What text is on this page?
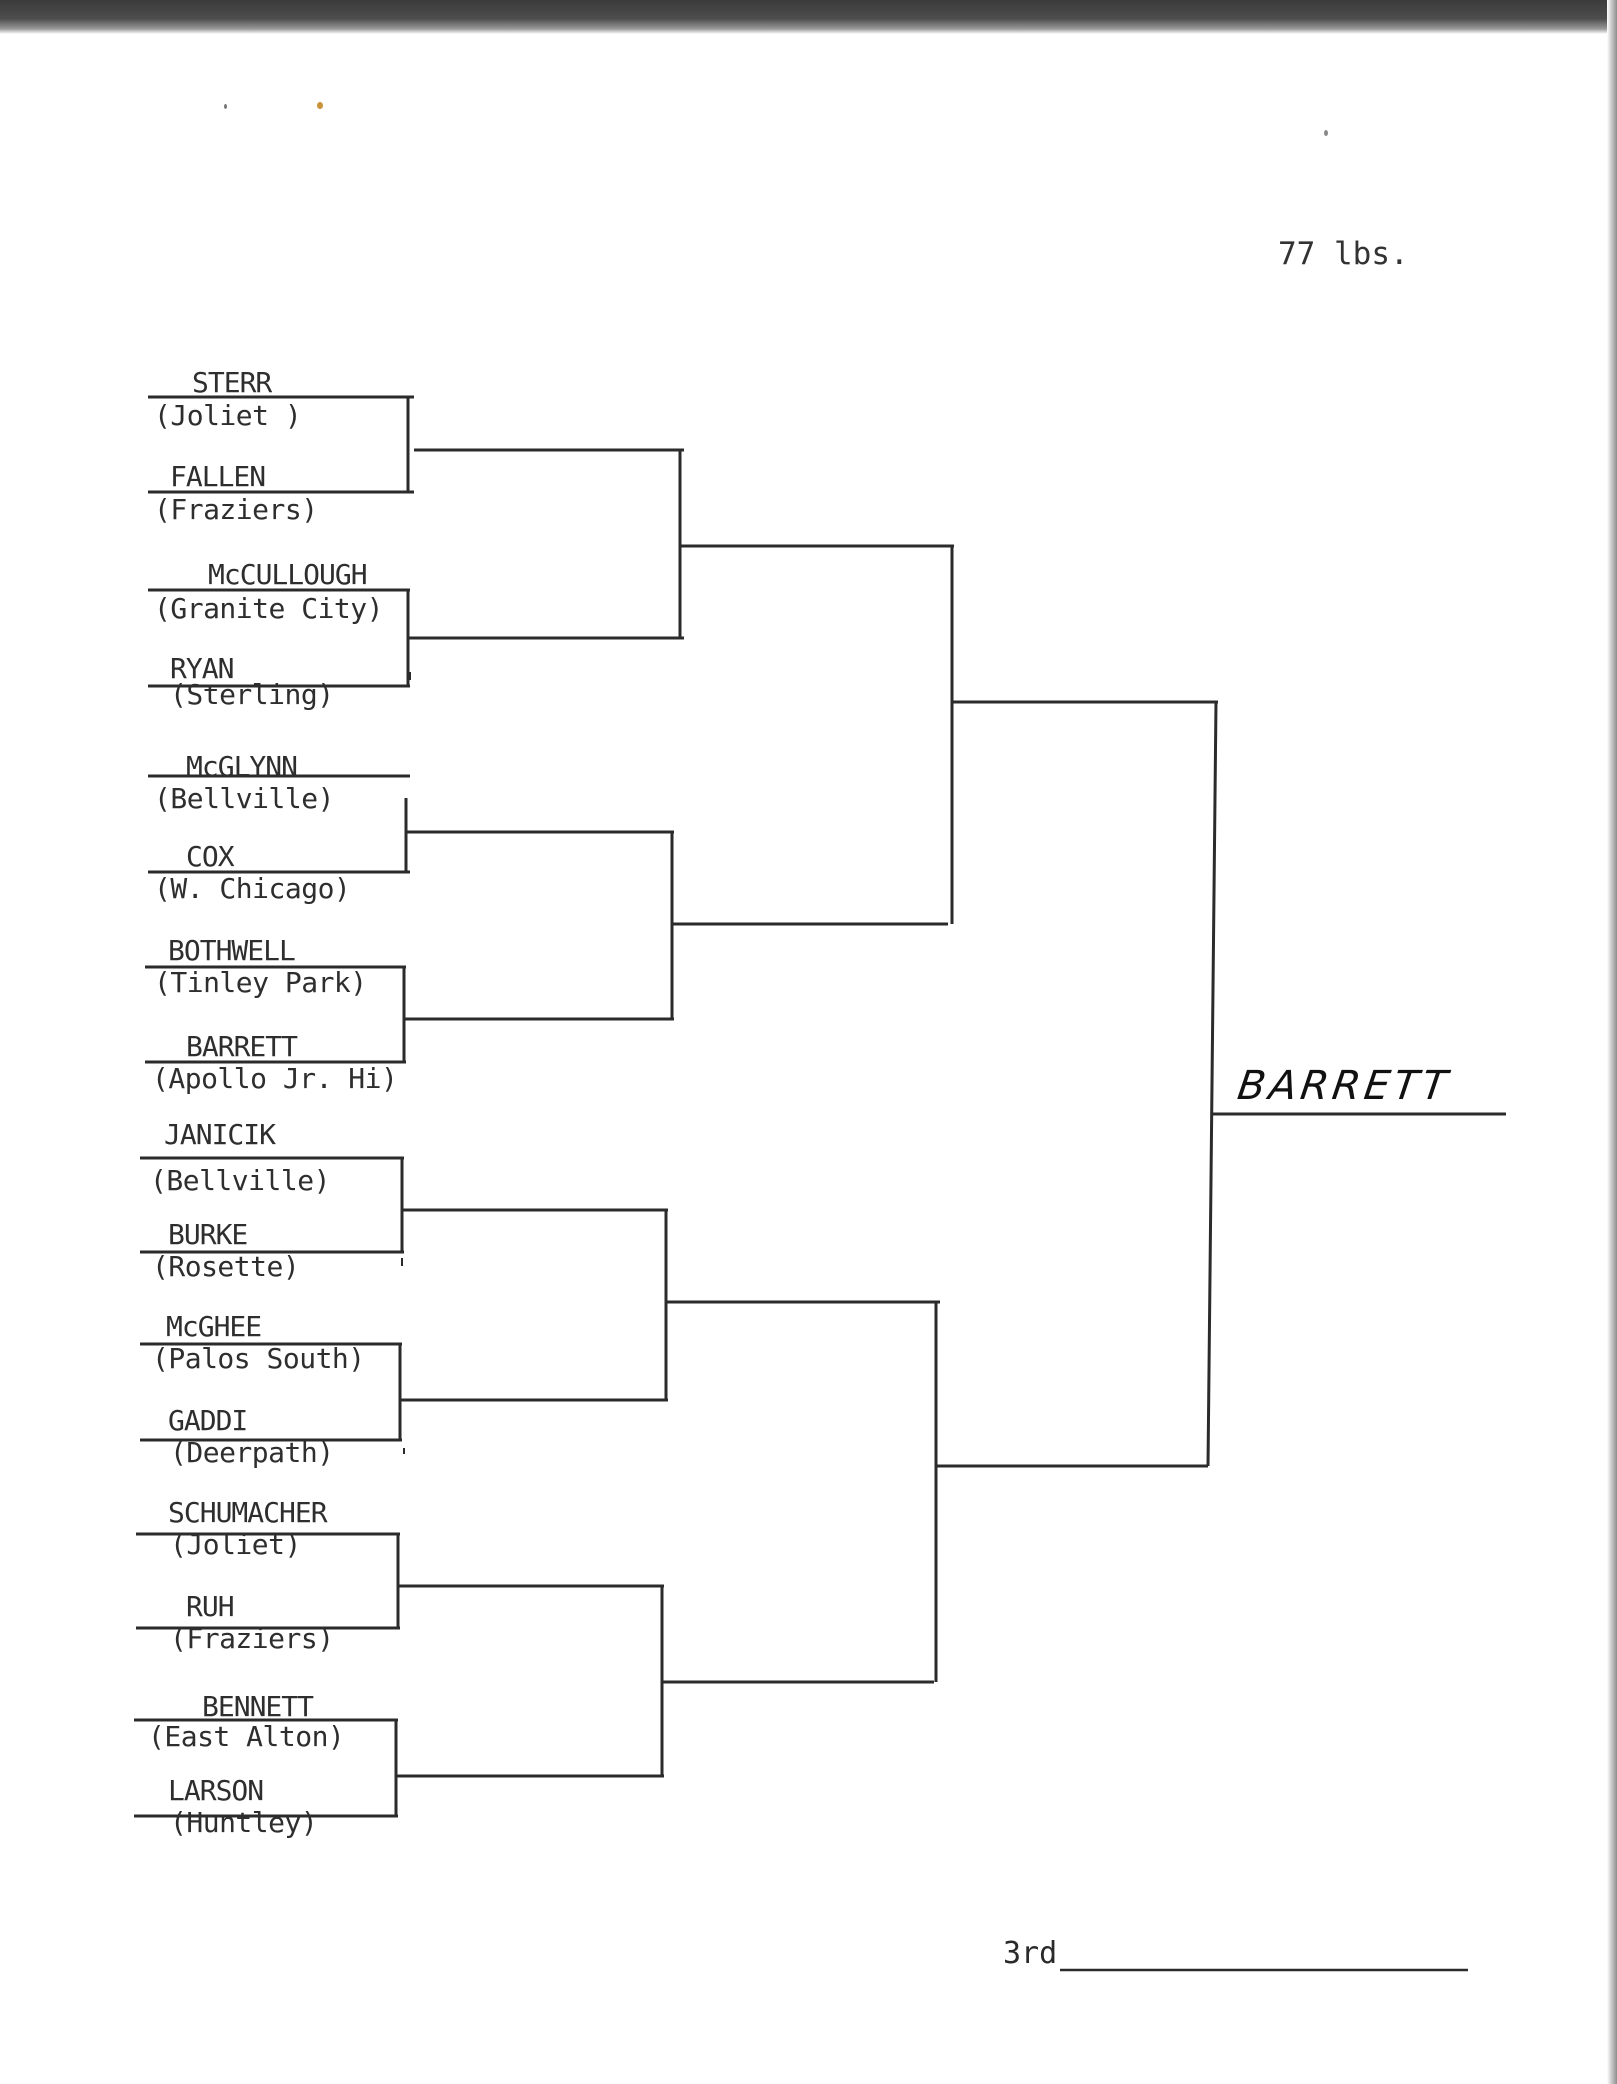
77 lbs.
STERR
(Joliet )
FALLEN
(Fraziers)
McCULLOUGH
(Granite City)
RYAN
(Sterling)
McGLYNN
(Bellville)
COX
(W. Chicago)
BOTHWELL
(Tinley Park)
BARRETT
(Apollo Jr. Hi)
JANICIK
(Bellville)
BURKE
(Rosette)
McGHEE
(Palos South)
GADDI
(Deerpath)
SCHUMACHER
(Joliet)
RUH
(Fraziers)
BENNETT
(East Alton)
LARSON
(Huntley)
BARRETT
3rd
